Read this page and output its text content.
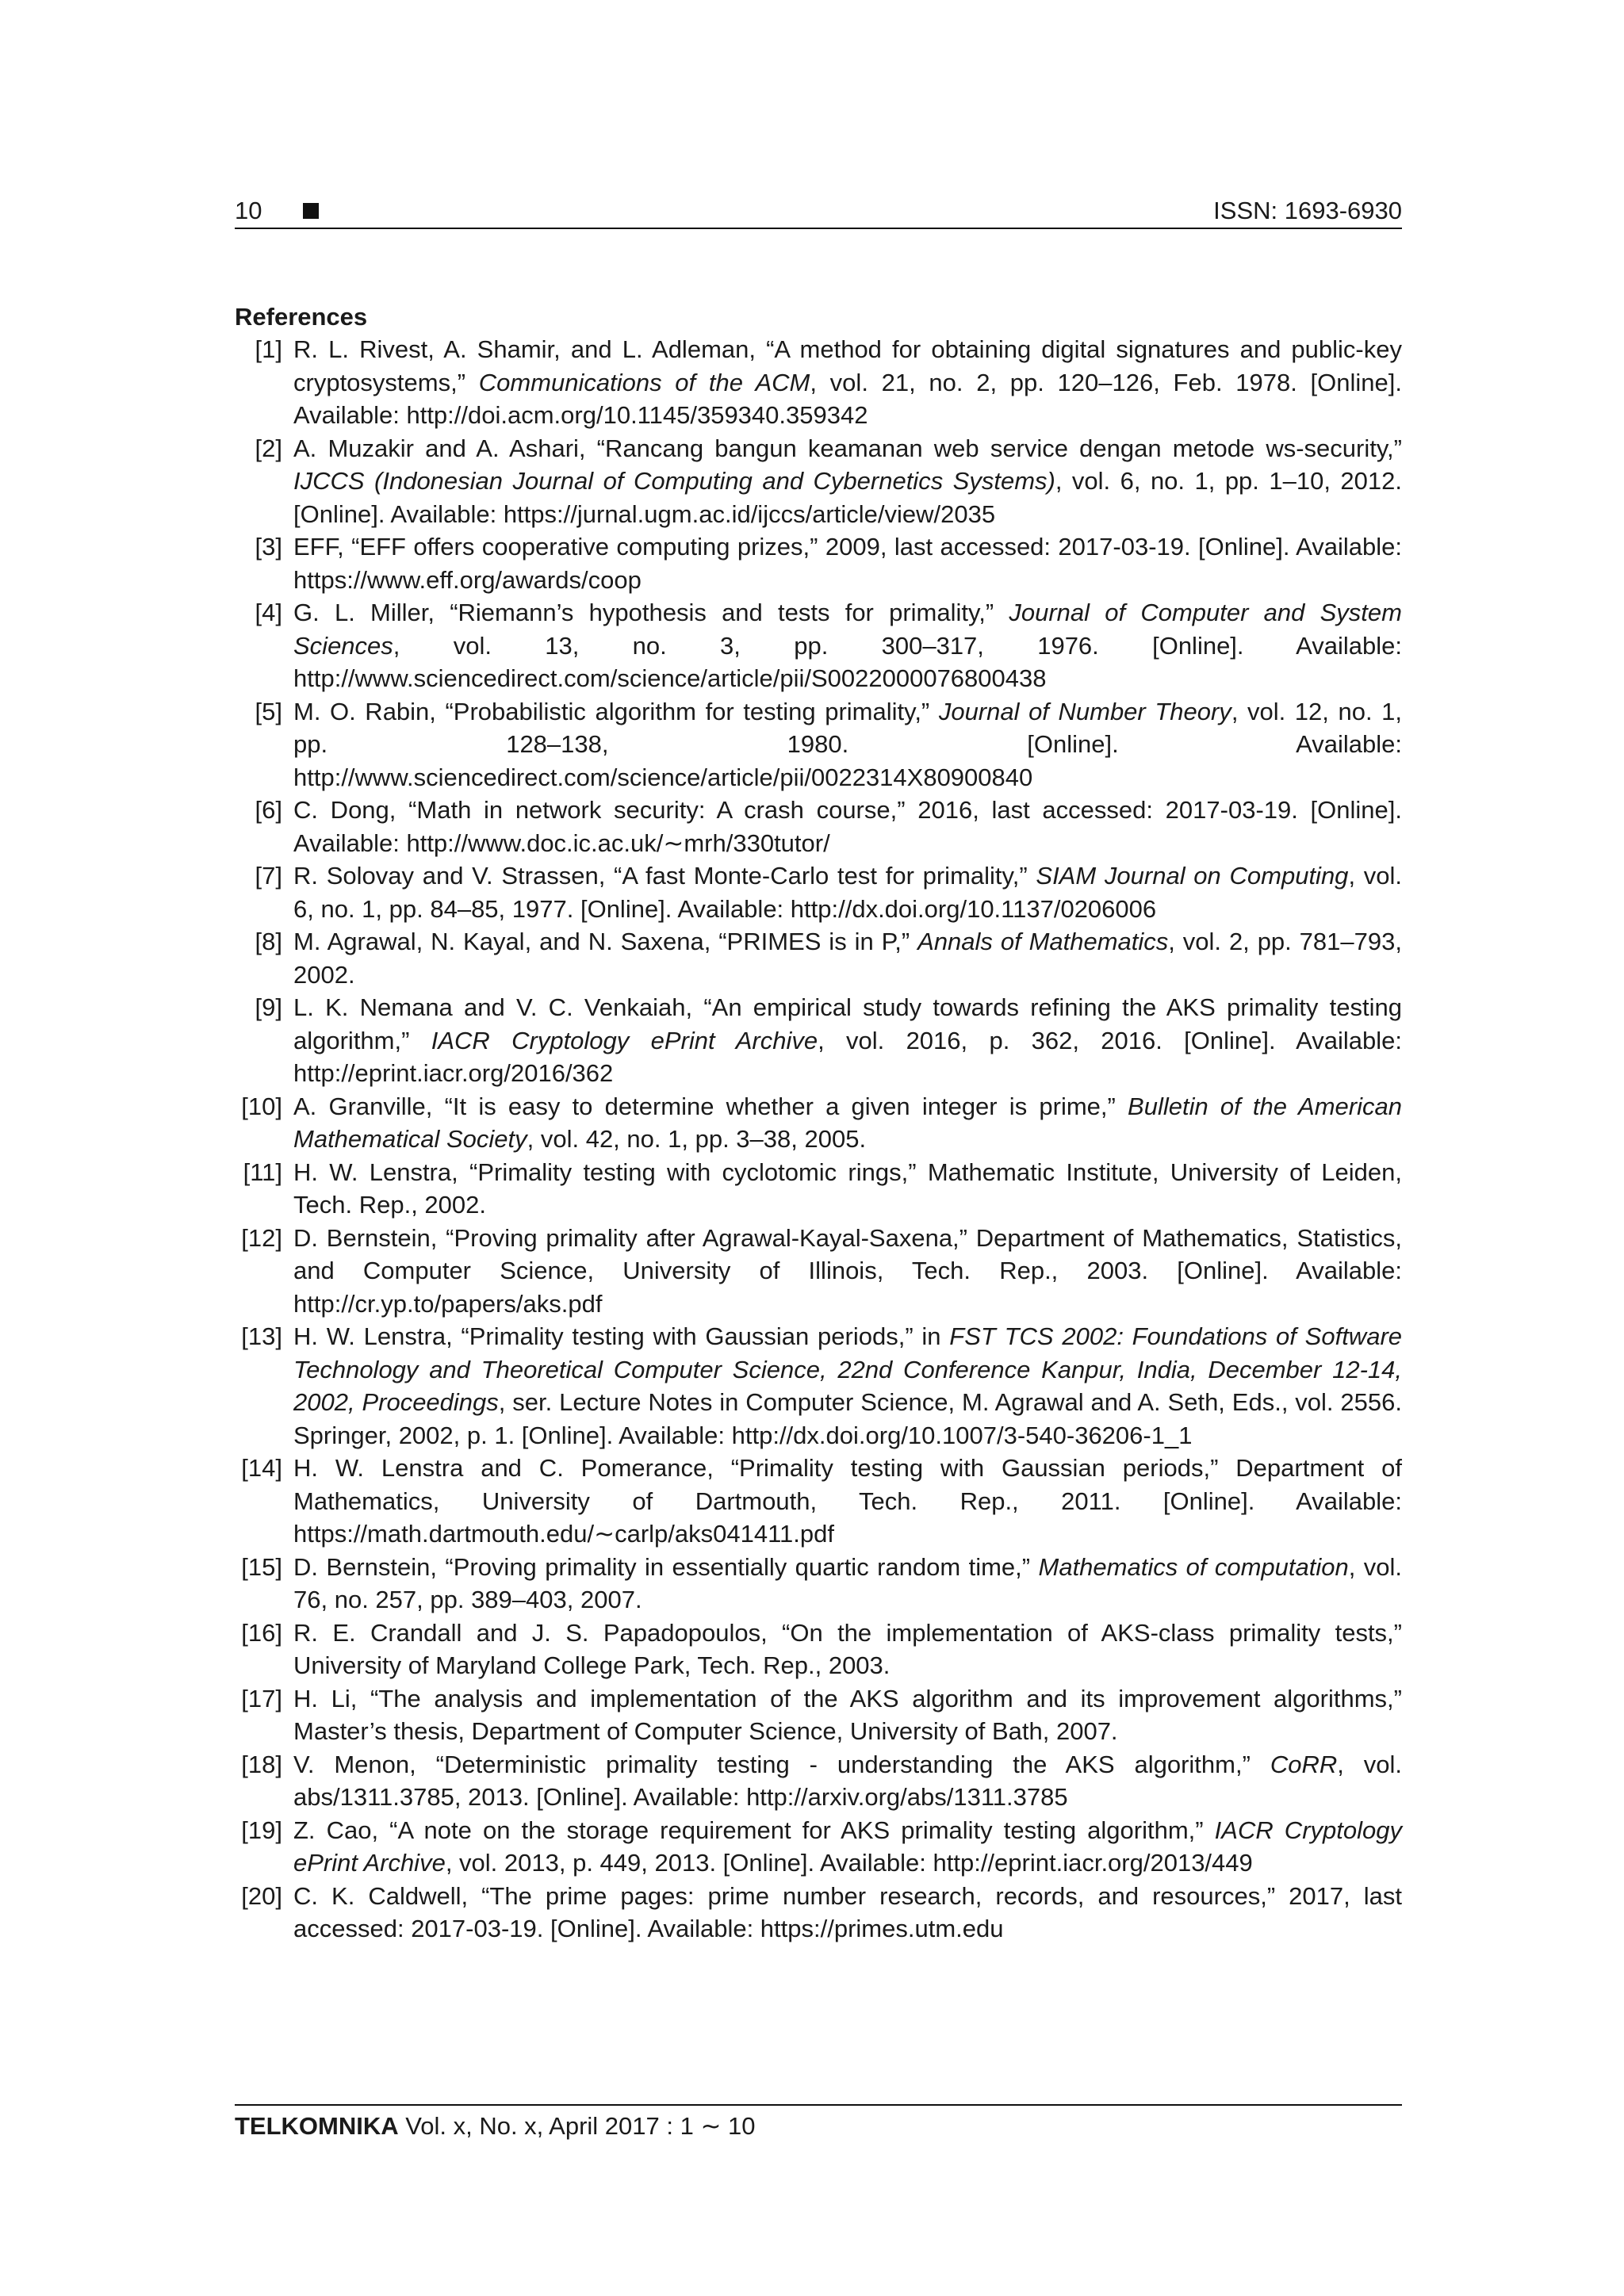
10	ISSN: 1693-6930
References
[1] R. L. Rivest, A. Shamir, and L. Adleman, “A method for obtaining digital signatures and public-key cryptosystems,” Communications of the ACM, vol. 21, no. 2, pp. 120–126, Feb. 1978. [Online]. Available: http://doi.acm.org/10.1145/359340.359342
[2] A. Muzakir and A. Ashari, “Rancang bangun keamanan web service dengan metode ws-security,” IJCCS (Indonesian Journal of Computing and Cybernetics Systems), vol. 6, no. 1, pp. 1–10, 2012. [Online]. Available: https://jurnal.ugm.ac.id/ijccs/article/view/2035
[3] EFF, “EFF offers cooperative computing prizes,” 2009, last accessed: 2017-03-19. [Online]. Available: https://www.eff.org/awards/coop
[4] G. L. Miller, “Riemann’s hypothesis and tests for primality,” Journal of Computer and System Sciences, vol. 13, no. 3, pp. 300–317, 1976. [Online]. Available: http://www.sciencedirect.com/science/article/pii/S0022000076800438
[5] M. O. Rabin, “Probabilistic algorithm for testing primality,” Journal of Number Theory, vol. 12, no. 1, pp. 128–138, 1980. [Online]. Available: http://www.sciencedirect.com/science/article/pii/0022314X80900840
[6] C. Dong, “Math in network security: A crash course,” 2016, last accessed: 2017-03-19. [Online]. Available: http://www.doc.ic.ac.uk/∼mrh/330tutor/
[7] R. Solovay and V. Strassen, “A fast Monte-Carlo test for primality,” SIAM Journal on Computing, vol. 6, no. 1, pp. 84–85, 1977. [Online]. Available: http://dx.doi.org/10.1137/0206006
[8] M. Agrawal, N. Kayal, and N. Saxena, “PRIMES is in P,” Annals of Mathematics, vol. 2, pp. 781–793, 2002.
[9] L. K. Nemana and V. C. Venkaiah, “An empirical study towards refining the AKS primality testing algorithm,” IACR Cryptology ePrint Archive, vol. 2016, p. 362, 2016. [Online]. Available: http://eprint.iacr.org/2016/362
[10] A. Granville, “It is easy to determine whether a given integer is prime,” Bulletin of the American Mathematical Society, vol. 42, no. 1, pp. 3–38, 2005.
[11] H. W. Lenstra, “Primality testing with cyclotomic rings,” Mathematic Institute, University of Leiden, Tech. Rep., 2002.
[12] D. Bernstein, “Proving primality after Agrawal-Kayal-Saxena,” Department of Mathematics, Statistics, and Computer Science, University of Illinois, Tech. Rep., 2003. [Online]. Available: http://cr.yp.to/papers/aks.pdf
[13] H. W. Lenstra, “Primality testing with Gaussian periods,” in FST TCS 2002: Foundations of Software Technology and Theoretical Computer Science, 22nd Conference Kanpur, India, December 12-14, 2002, Proceedings, ser. Lecture Notes in Computer Science, M. Agrawal and A. Seth, Eds., vol. 2556. Springer, 2002, p. 1. [Online]. Available: http://dx.doi.org/10.1007/3-540-36206-1_1
[14] H. W. Lenstra and C. Pomerance, “Primality testing with Gaussian periods,” Department of Mathematics, University of Dartmouth, Tech. Rep., 2011. [Online]. Available: https://math.dartmouth.edu/∼carlp/aks041411.pdf
[15] D. Bernstein, “Proving primality in essentially quartic random time,” Mathematics of computation, vol. 76, no. 257, pp. 389–403, 2007.
[16] R. E. Crandall and J. S. Papadopoulos, “On the implementation of AKS-class primality tests,” University of Maryland College Park, Tech. Rep., 2003.
[17] H. Li, “The analysis and implementation of the AKS algorithm and its improvement algorithms,” Master’s thesis, Department of Computer Science, University of Bath, 2007.
[18] V. Menon, “Deterministic primality testing - understanding the AKS algorithm,” CoRR, vol. abs/1311.3785, 2013. [Online]. Available: http://arxiv.org/abs/1311.3785
[19] Z. Cao, “A note on the storage requirement for AKS primality testing algorithm,” IACR Cryptology ePrint Archive, vol. 2013, p. 449, 2013. [Online]. Available: http://eprint.iacr.org/2013/449
[20] C. K. Caldwell, “The prime pages: prime number research, records, and resources,” 2017, last accessed: 2017-03-19. [Online]. Available: https://primes.utm.edu
TELKOMNIKA Vol. x, No. x, April 2017 : 1 ∼ 10
